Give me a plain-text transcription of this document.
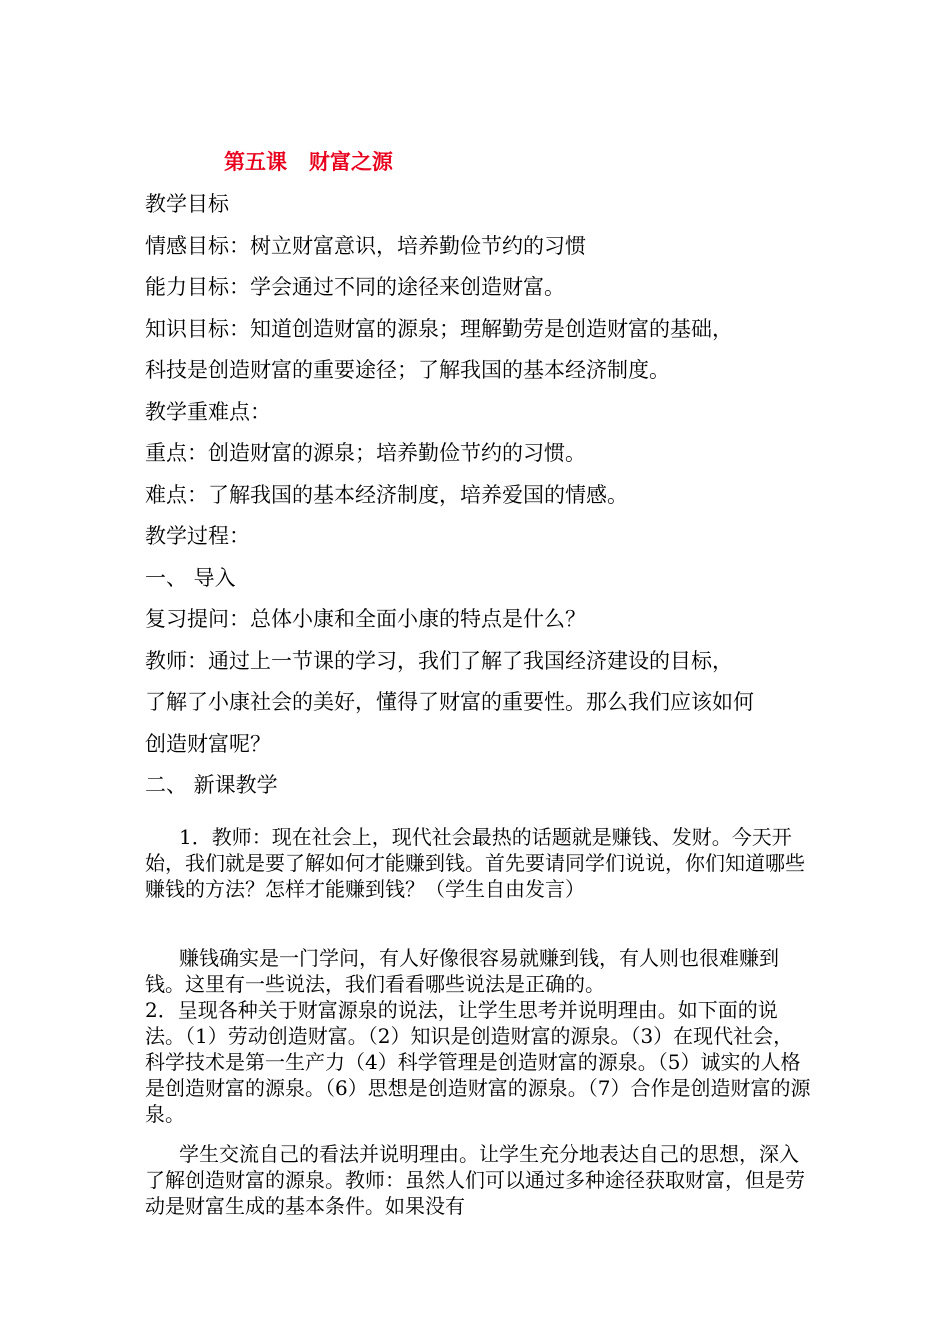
第五课   财富之源
教学目标
情感目标：树立财富意识，培养勤俭节约的习惯
能力目标：学会通过不同的途径来创造财富。
知识目标：知道创造财富的源泉；理解勤劳是创造财富的基础，
科技是创造财富的重要途径；了解我国的基本经济制度。
教学重难点：
重点：创造财富的源泉；培养勤俭节约的习惯。
难点：了解我国的基本经济制度，培养爱国的情感。
教学过程：
一、 导入
复习提问：总体小康和全面小康的特点是什么？
教师：通过上一节课的学习，我们了解了我国经济建设的目标，
了解了小康社会的美好，懂得了财富的重要性。那么我们应该如何
创造财富呢？
二、 新课教学

1．教师：现在社会上，现代社会最热的话题就是赚钱、发财。今天开始，我们就是要了解如何才能赚到钱。首先要请同学们说说，你们知道哪些赚钱的方法？怎样才能赚到钱？（学生自由发言）

赚钱确实是一门学问，有人好像很容易就赚到钱，有人则也很难赚到钱。这里有一些说法，我们看看哪些说法是正确的。

2．呈现各种关于财富源泉的说法，让学生思考并说明理由。如下面的说法。（1）劳动创造财富。（2）知识是创造财富的源泉。（3）在现代社会，科学技术是第一生产力（4）科学管理是创造财富的源泉。（5）诚实的人格是创造财富的源泉。（6）思想是创造财富的源泉。（7）合作是创造财富的源泉。

学生交流自己的看法并说明理由。让学生充分地表达自己的思想，深入了解创造财富的源泉。教师：虽然人们可以通过多种途径获取财富，但是劳动是财富生成的基本条件。如果没有
